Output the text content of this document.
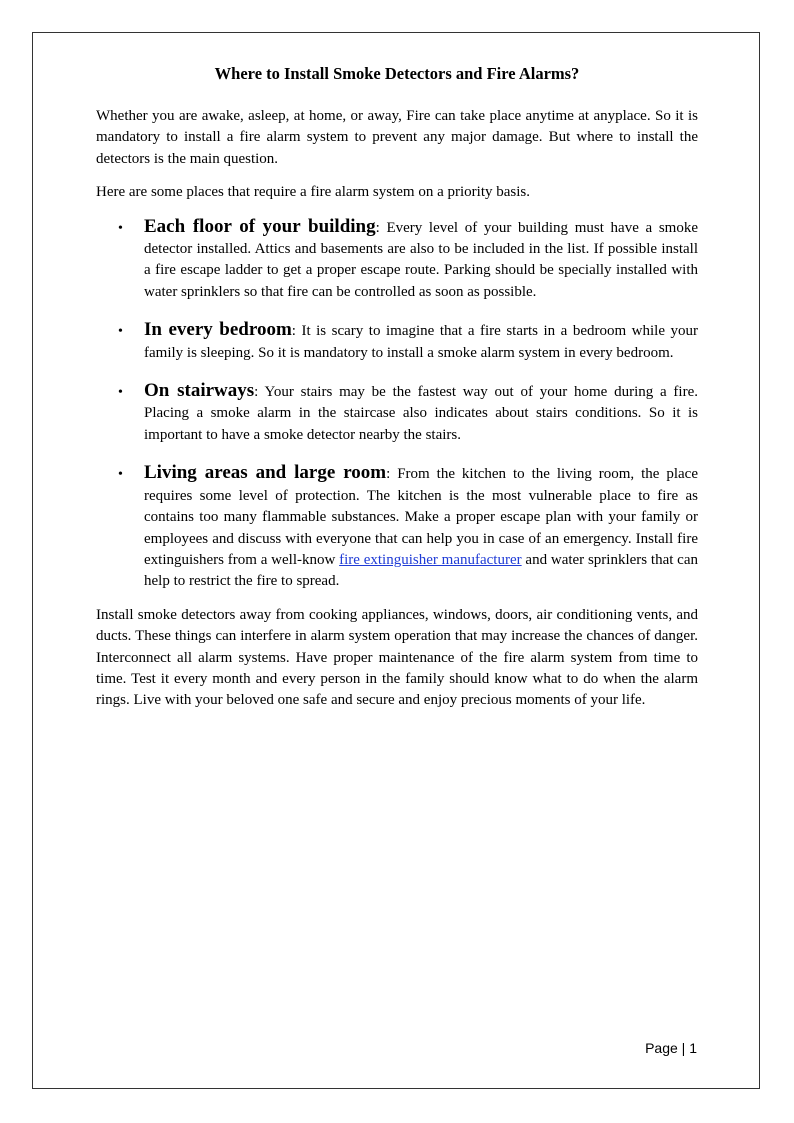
Where to Install Smoke Detectors and Fire Alarms?

Whether you are awake, asleep, at home, or away, Fire can take place anytime at anyplace. So it is mandatory to install a fire alarm system to prevent any major damage. But where to install the detectors is the main question.

Here are some places that require a fire alarm system on a priority basis.

• Each floor of your building: Every level of your building must have a smoke detector installed. Attics and basements are also to be included in the list. If possible install a fire escape ladder to get a proper escape route. Parking should be specially installed with water sprinklers so that fire can be controlled as soon as possible.
• In every bedroom: It is scary to imagine that a fire starts in a bedroom while your family is sleeping. So it is mandatory to install a smoke alarm system in every bedroom.
• On stairways: Your stairs may be the fastest way out of your home during a fire. Placing a smoke alarm in the staircase also indicates about stairs conditions. So it is important to have a smoke detector nearby the stairs.
• Living areas and large room: From the kitchen to the living room, the place requires some level of protection. The kitchen is the most vulnerable place to fire as contains too many flammable substances. Make a proper escape plan with your family or employees and discuss with everyone that can help you in case of an emergency. Install fire extinguishers from a well-know fire extinguisher manufacturer and water sprinklers that can help to restrict the fire to spread.

Install smoke detectors away from cooking appliances, windows, doors, air conditioning vents, and ducts. These things can interfere in alarm system operation that may increase the chances of danger. Interconnect all alarm systems. Have proper maintenance of the fire alarm system from time to time. Test it every month and every person in the family should know what to do when the alarm rings. Live with your beloved one safe and secure and enjoy precious moments of your life.

Page | 1
